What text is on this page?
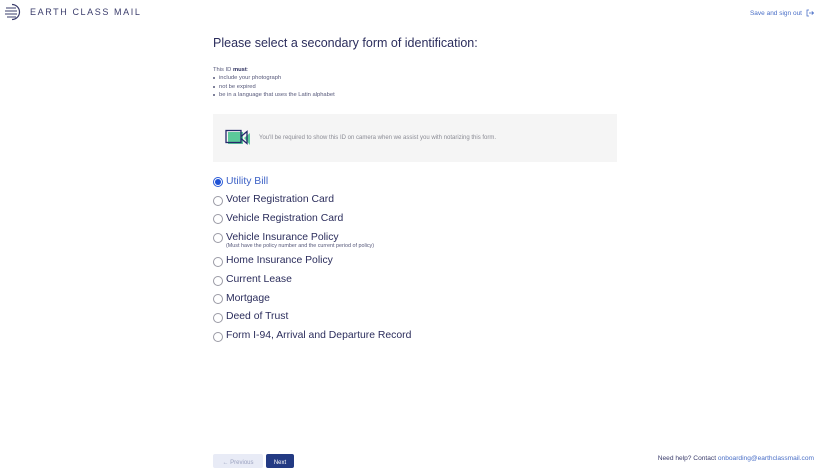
EARTH CLASS MAIL	Save and sign out
Please select a secondary form of identification:
This ID must:
include your photograph
not be expired
be in a language that uses the Latin alphabet
You'll be required to show this ID on camera when we assist you with notarizing this form.
Utility Bill
Voter Registration Card
Vehicle Registration Card
Vehicle Insurance Policy
(Must have the policy number and the current period of policy)
Home Insurance Policy
Current Lease
Mortgage
Deed of Trust
Form I-94, Arrival and Departure Record
← Previous	Next
Need help? Contact onboarding@earthclassmail.com
